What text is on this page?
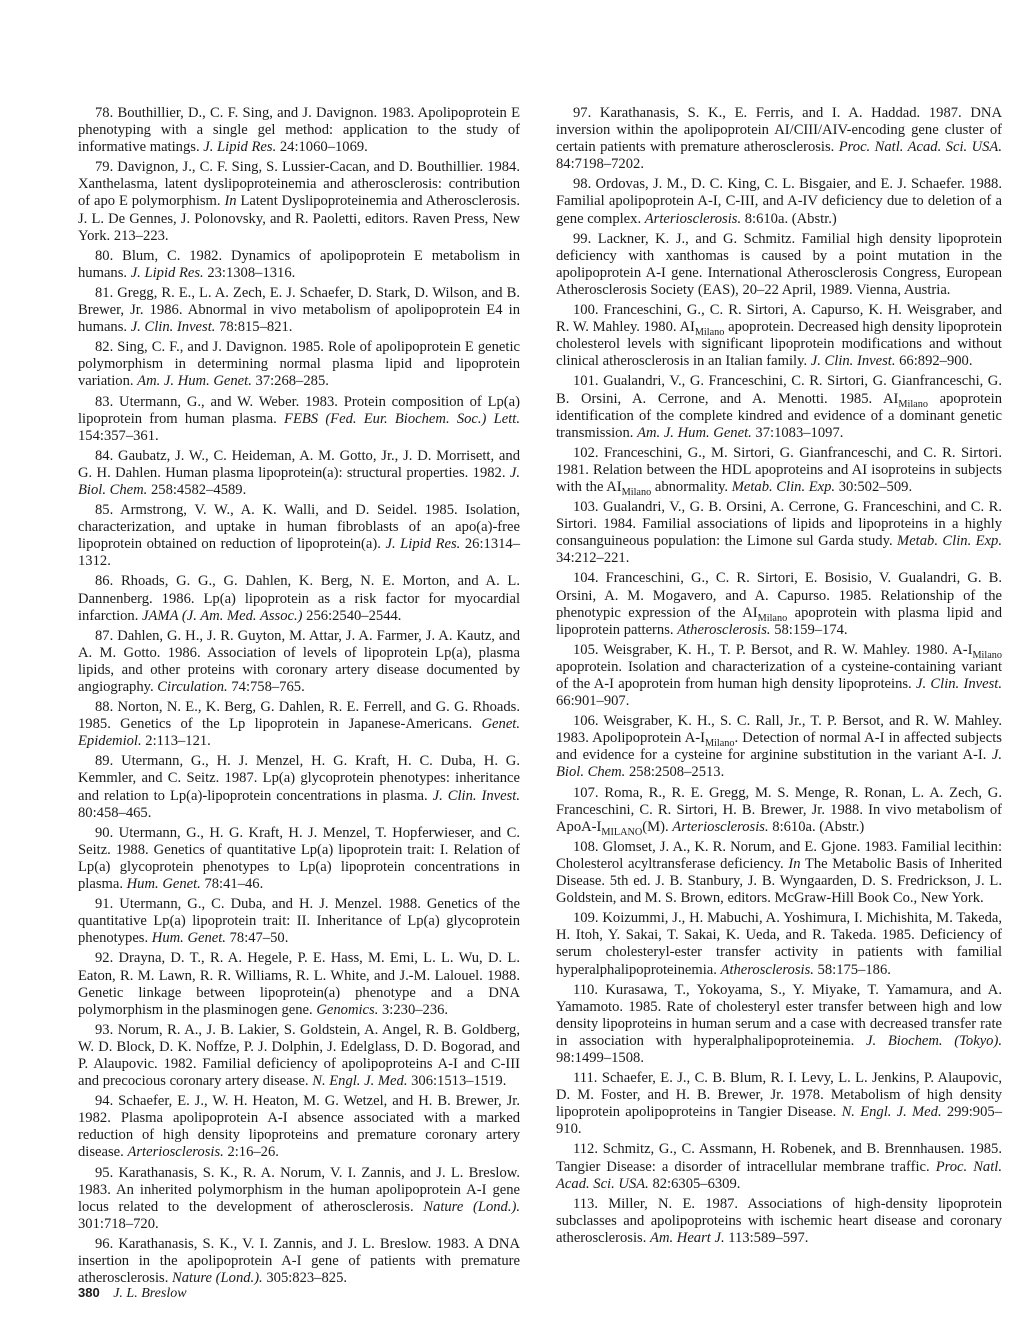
78. Bouthillier, D., C. F. Sing, and J. Davignon. 1983. Apolipoprotein E phenotyping with a single gel method: application to the study of informative matings. J. Lipid Res. 24:1060–1069.

79. Davignon, J., C. F. Sing, S. Lussier-Cacan, and D. Bouthillier. 1984. Xanthelasma, latent dyslipoproteinemia and atherosclerosis: contribution of apo E polymorphism. In Latent Dyslipoproteinemia and Atherosclerosis. J. L. De Gennes, J. Polonovsky, and R. Paoletti, editors. Raven Press, New York. 213–223.

80. Blum, C. 1982. Dynamics of apolipoprotein E metabolism in humans. J. Lipid Res. 23:1308–1316.

81. Gregg, R. E., L. A. Zech, E. J. Schaefer, D. Stark, D. Wilson, and B. Brewer, Jr. 1986. Abnormal in vivo metabolism of apolipoprotein E4 in humans. J. Clin. Invest. 78:815–821.

82. Sing, C. F., and J. Davignon. 1985. Role of apolipoprotein E genetic polymorphism in determining normal plasma lipid and lipoprotein variation. Am. J. Hum. Genet. 37:268–285.

83. Utermann, G., and W. Weber. 1983. Protein composition of Lp(a) lipoprotein from human plasma. FEBS (Fed. Eur. Biochem. Soc.) Lett. 154:357–361.

84. Gaubatz, J. W., C. Heideman, A. M. Gotto, Jr., J. D. Morrisett, and G. H. Dahlen. Human plasma lipoprotein(a): structural properties. 1982. J. Biol. Chem. 258:4582–4589.

85. Armstrong, V. W., A. K. Walli, and D. Seidel. 1985. Isolation, characterization, and uptake in human fibroblasts of an apo(a)-free lipoprotein obtained on reduction of lipoprotein(a). J. Lipid Res. 26:1314–1312.

86. Rhoads, G. G., G. Dahlen, K. Berg, N. E. Morton, and A. L. Dannenberg. 1986. Lp(a) lipoprotein as a risk factor for myocardial infarction. JAMA (J. Am. Med. Assoc.) 256:2540–2544.

87. Dahlen, G. H., J. R. Guyton, M. Attar, J. A. Farmer, J. A. Kautz, and A. M. Gotto. 1986. Association of levels of lipoprotein Lp(a), plasma lipids, and other proteins with coronary artery disease documented by angiography. Circulation. 74:758–765.

88. Norton, N. E., K. Berg, G. Dahlen, R. E. Ferrell, and G. G. Rhoads. 1985. Genetics of the Lp lipoprotein in Japanese-Americans. Genet. Epidemiol. 2:113–121.

89. Utermann, G., H. J. Menzel, H. G. Kraft, H. C. Duba, H. G. Kemmler, and C. Seitz. 1987. Lp(a) glycoprotein phenotypes: inheritance and relation to Lp(a)-lipoprotein concentrations in plasma. J. Clin. Invest. 80:458–465.

90. Utermann, G., H. G. Kraft, H. J. Menzel, T. Hopferwieser, and C. Seitz. 1988. Genetics of quantitative Lp(a) lipoprotein trait: I. Relation of Lp(a) glycoprotein phenotypes to Lp(a) lipoprotein concentrations in plasma. Hum. Genet. 78:41–46.

91. Utermann, G., C. Duba, and H. J. Menzel. 1988. Genetics of the quantitative Lp(a) lipoprotein trait: II. Inheritance of Lp(a) glycoprotein phenotypes. Hum. Genet. 78:47–50.

92. Drayna, D. T., R. A. Hegele, P. E. Hass, M. Emi, L. L. Wu, D. L. Eaton, R. M. Lawn, R. R. Williams, R. L. White, and J.-M. Lalouel. 1988. Genetic linkage between lipoprotein(a) phenotype and a DNA polymorphism in the plasminogen gene. Genomics. 3:230–236.

93. Norum, R. A., J. B. Lakier, S. Goldstein, A. Angel, R. B. Goldberg, W. D. Block, D. K. Noffze, P. J. Dolphin, J. Edelglass, D. D. Bogorad, and P. Alaupovic. 1982. Familial deficiency of apolipoproteins A-I and C-III and precocious coronary artery disease. N. Engl. J. Med. 306:1513–1519.

94. Schaefer, E. J., W. H. Heaton, M. G. Wetzel, and H. B. Brewer, Jr. 1982. Plasma apolipoprotein A-I absence associated with a marked reduction of high density lipoproteins and premature coronary artery disease. Arteriosclerosis. 2:16–26.

95. Karathanasis, S. K., R. A. Norum, V. I. Zannis, and J. L. Breslow. 1983. An inherited polymorphism in the human apolipoprotein A-I gene locus related to the development of atherosclerosis. Nature (Lond.). 301:718–720.

96. Karathanasis, S. K., V. I. Zannis, and J. L. Breslow. 1983. A DNA insertion in the apolipoprotein A-I gene of patients with premature atherosclerosis. Nature (Lond.). 305:823–825.

97. Karathanasis, S. K., E. Ferris, and I. A. Haddad. 1987. DNA inversion within the apolipoprotein AI/CIII/AIV-encoding gene cluster of certain patients with premature atherosclerosis. Proc. Natl. Acad. Sci. USA. 84:7198–7202.

98. Ordovas, J. M., D. C. King, C. L. Bisgaier, and E. J. Schaefer. 1988. Familial apolipoprotein A-I, C-III, and A-IV deficiency due to deletion of a gene complex. Arteriosclerosis. 8:610a. (Abstr.)

99. Lackner, K. J., and G. Schmitz. Familial high density lipoprotein deficiency with xanthomas is caused by a point mutation in the apolipoprotein A-I gene. International Atherosclerosis Congress, European Atherosclerosis Society (EAS), 20–22 April, 1989. Vienna, Austria.

100. Franceschini, G., C. R. Sirtori, A. Capurso, K. H. Weisgraber, and R. W. Mahley. 1980. $AI_{Milano}$ apoprotein. Decreased high density lipoprotein cholesterol levels with significant lipoprotein modifications and without clinical atherosclerosis in an Italian family. J. Clin. Invest. 66:892–900.

101. Gualandri, V., G. Franceschini, C. R. Sirtori, G. Gianfranceschi, G. B. Orsini, A. Cerrone, and A. Menotti. 1985. $AI_{Milano}$ apoprotein identification of the complete kindred and evidence of a dominant genetic transmission. Am. J. Hum. Genet. 37:1083–1097.

102. Franceschini, G., M. Sirtori, G. Gianfranceschi, and C. R. Sirtori. 1981. Relation between the HDL apoproteins and AI isoproteins in subjects with the $AI_{Milano}$ abnormality. Metab. Clin. Exp. 30:502–509.

103. Gualandri, V., G. B. Orsini, A. Cerrone, G. Franceschini, and C. R. Sirtori. 1984. Familial associations of lipids and lipoproteins in a highly consanguineous population: the Limone sul Garda study. Metab. Clin. Exp. 34:212–221.

104. Franceschini, G., C. R. Sirtori, E. Bosisio, V. Gualandri, G. B. Orsini, A. M. Mogavero, and A. Capurso. 1985. Relationship of the phenotypic expression of the $AI_{Milano}$ apoprotein with plasma lipid and lipoprotein patterns. Atherosclerosis. 58:159–174.

105. Weisgraber, K. H., T. P. Bersot, and R. W. Mahley. 1980. $A-I_{Milano}$ apoprotein. Isolation and characterization of a cysteine-containing variant of the A-I apoprotein from human high density lipoproteins. J. Clin. Invest. 66:901–907.

106. Weisgraber, K. H., S. C. Rall, Jr., T. P. Bersot, and R. W. Mahley. 1983. Apolipoprotein $A-I_{Milano}$. Detection of normal A-I in affected subjects and evidence for a cysteine for arginine substitution in the variant A-I. J. Biol. Chem. 258:2508–2513.

107. Roma, R., R. E. Gregg, M. S. Menge, R. Ronan, L. A. Zech, G. Franceschini, C. R. Sirtori, H. B. Brewer, Jr. 1988. In vivo metabolism of ApoA-$I_{MILANO}(M)$. Arteriosclerosis. 8:610a. (Abstr.)

108. Glomset, J. A., K. R. Norum, and E. Gjone. 1983. Familial lecithin: Cholesterol acyltransferase deficiency. In The Metabolic Basis of Inherited Disease. 5th ed. J. B. Stanbury, J. B. Wyngaarden, D. S. Fredrickson, J. L. Goldstein, and M. S. Brown, editors. McGraw-Hill Book Co., New York.

109. Koizummi, J., H. Mabuchi, A. Yoshimura, I. Michishita, M. Takeda, H. Itoh, Y. Sakai, T. Sakai, K. Ueda, and R. Takeda. 1985. Deficiency of serum cholesteryl-ester transfer activity in patients with familial hyperalphalipoproteinemia. Atherosclerosis. 58:175–186.

110. Kurasawa, T., Yokoyama, S., Y. Miyake, T. Yamamura, and A. Yamamoto. 1985. Rate of cholesteryl ester transfer between high and low density lipoproteins in human serum and a case with decreased transfer rate in association with hyperalphalipoproteinemia. J. Biochem. (Tokyo). 98:1499–1508.

111. Schaefer, E. J., C. B. Blum, R. I. Levy, L. L. Jenkins, P. Alaupovic, D. M. Foster, and H. B. Brewer, Jr. 1978. Metabolism of high density lipoprotein apolipoproteins in Tangier Disease. N. Engl. J. Med. 299:905–910.

112. Schmitz, G., C. Assmann, H. Robenek, and B. Brennhausen. 1985. Tangier Disease: a disorder of intracellular membrane traffic. Proc. Natl. Acad. Sci. USA. 82:6305–6309.

113. Miller, N. E. 1987. Associations of high-density lipoprotein subclasses and apolipoproteins with ischemic heart disease and coronary atherosclerosis. Am. Heart J. 113:589–597.

380 J. L. Breslow
